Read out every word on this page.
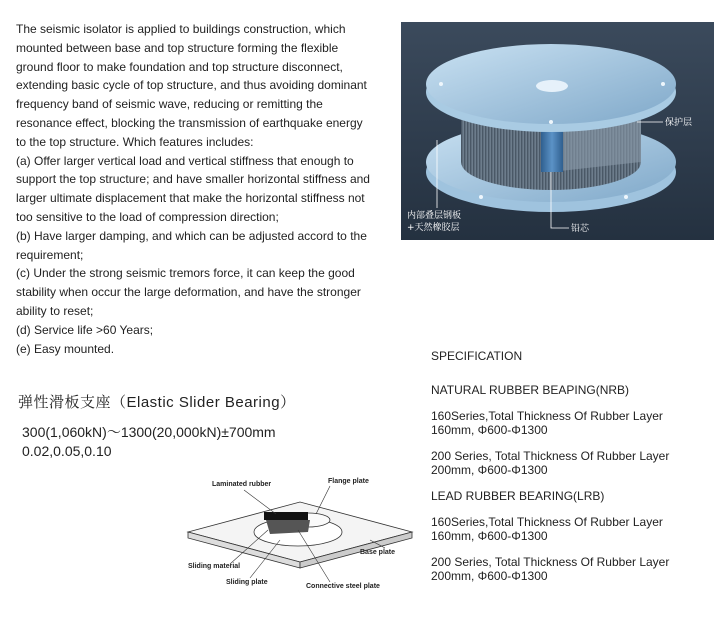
The seismic isolator is applied to buildings construction, which

mounted between base and top structure forming the flexible

ground floor to make foundation and top structure disconnect,

extending basic cycle of top structure, and thus avoiding dominant

frequency band of seismic wave, reducing or remitting the

resonance effect, blocking the transmission of earthquake energy

to the top structure. Which features includes:

(a) Offer larger vertical load and vertical stiffness that enough to

support the top structure; and have smaller horizontal stiffness and

larger ultimate displacement that make the horizontal stiffness not

too sensitive to the load of compression direction;

(b) Have larger damping, and which can be adjusted accord to the

requirement;

(c) Under the strong seismic tremors force, it can keep the good

stability when occur the large deformation, and have the stronger

ability to reset;

(d) Service life >60 Years;

(e) Easy mounted.

保护层
内部叠层钢板
+天然橡胶层	铅芯

SPECIFICATION

NATURAL RUBBER BEAPING(NRB)

160Series,Total Thickness Of Rubber Layer
160mm, Φ600-Φ1300
200 Series, Total Thickness Of Rubber Layer
200mm, Φ600-Φ1300

LEAD RUBBER BEARING(LRB)

160Series,Total Thickness Of Rubber Layer
160mm, Φ600-Φ1300
200 Series, Total Thickness Of Rubber Layer
200mm, Φ600-Φ1300
弹性滑板支座（Elastic Slider Bearing）
300(1,060kN)～1300(20,000kN)±700mm
0.02,0.05,0.10
Laminated rubber	Flange plate
Base plate
Sliding material
Sliding plate
Connective steel plate
